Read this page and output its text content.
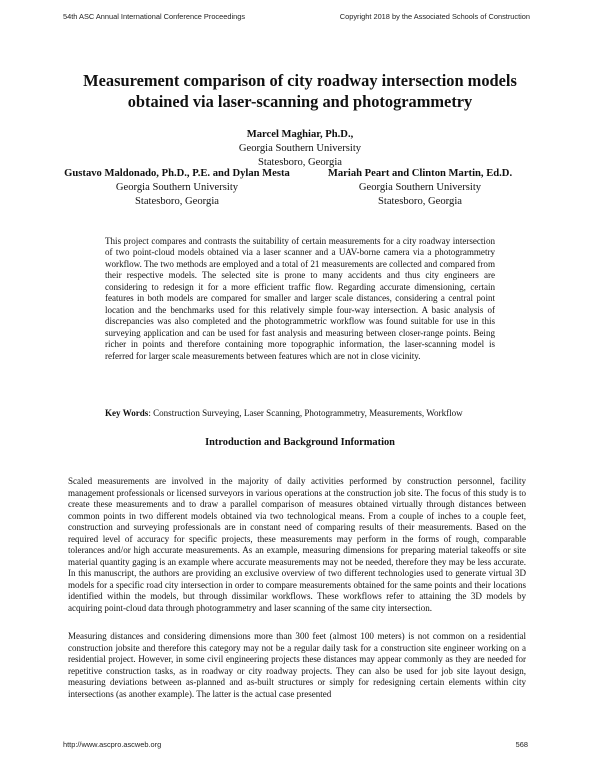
54th ASC Annual International Conference Proceedings	Copyright 2018 by the Associated Schools of Construction
Measurement comparison of city roadway intersection models obtained via laser-scanning and photogrammetry
Marcel Maghiar, Ph.D.,
Georgia Southern University
Statesboro, Georgia
Gustavo Maldonado, Ph.D., P.E. and Dylan Mesta
Georgia Southern University
Statesboro, Georgia
Mariah Peart and Clinton Martin, Ed.D.
Georgia Southern University
Statesboro, Georgia

This project compares and contrasts the suitability of certain measurements for a city roadway intersection of two point-cloud models obtained via a laser scanner and a UAV-borne camera via a photogrammetry workflow. The two methods are employed and a total of 21 measurements are collected and compared from their respective models. The selected site is prone to many accidents and thus city engineers are considering to redesign it for a more efficient traffic flow. Regarding accurate dimensioning, certain features in both models are compared for smaller and larger scale distances, considering a central point location and the benchmarks used for this relatively simple four-way intersection. A basic analysis of discrepancies was also completed and the photogrammetric workflow was found suitable for use in this surveying application and can be used for fast analysis and measuring between closer-range points. Being richer in points and therefore containing more topographic information, the laser-scanning model is referred for larger scale measurements between features which are not in close vicinity.

Key Words: Construction Surveying, Laser Scanning, Photogrammetry, Measurements, Workflow

Introduction and Background Information

Scaled measurements are involved in the majority of daily activities performed by construction personnel, facility management professionals or licensed surveyors in various operations at the construction job site. The focus of this study is to create these measurements and to draw a parallel comparison of measures obtained virtually through distances between common points in two different models obtained via two technological means. From a couple of inches to a couple feet, construction and surveying professionals are in constant need of comparing results of their measurements. Based on the required level of accuracy for specific projects, these measurements may perform in the forms of rough, comparable tolerances and/or high accurate measurements. As an example, measuring dimensions for preparing material takeoffs or site material quantity gaging is an example where accurate measurements may not be needed, therefore they may be less accurate. In this manuscript, the authors are providing an exclusive overview of two different technologies used to generate virtual 3D models for a specific road city intersection in order to compare measurements obtained for the same points and their locations identified within the models, but through dissimilar workflows. These workflows refer to attaining the 3D models by acquiring point-cloud data through photogrammetry and laser scanning of the same city intersection.

Measuring distances and considering dimensions more than 300 feet (almost 100 meters) is not common on a residential construction jobsite and therefore this category may not be a regular daily task for a construction site engineer working on a residential project. However, in some civil engineering projects these distances may appear commonly as they are needed for repetitive construction tasks, as in roadway or city roadway projects. They can also be used for job site layout design, measuring deviations between as-planned and as-built structures or simply for redesigning certain elements within city intersections (as another example). The latter is the actual case presented

http://www.ascpro.ascweb.org	568
